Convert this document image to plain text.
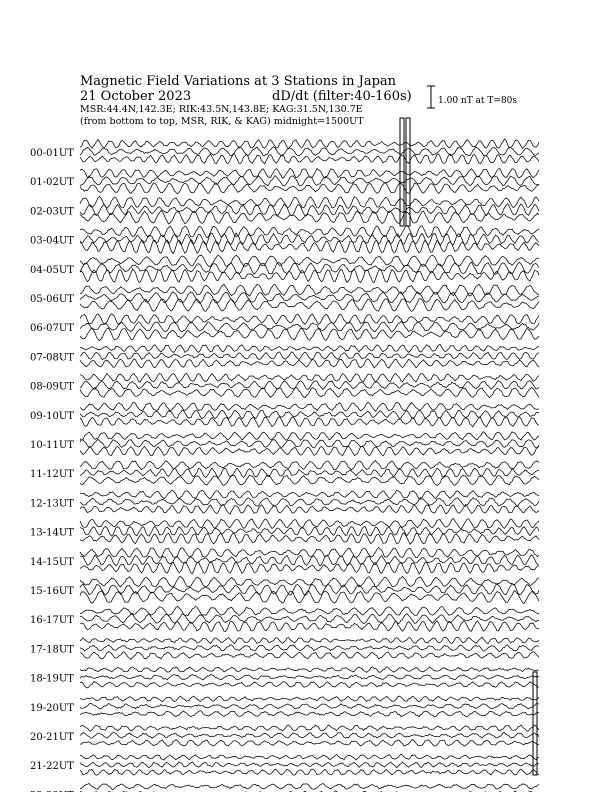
Magnetic Field Variations at 3 Stations in Japan
21 October 2023	dD/dt (filter:40-160s)
MSR:44.4N,142.3E; RIK:43.5N,143.8E; KAG:31.5N,130.7E
(from bottom to top, MSR, RIK, & KAG) midnight=1500UT
1.00 nT at T=80s
00-01UT
01-02UT
02-03UT
03-04UT
04-05UT
05-06UT
06-07UT
07-08UT
08-09UT
09-10UT
10-11UT
11-12UT
12-13UT
13-14UT
14-15UT
15-16UT
16-17UT
17-18UT
18-19UT
19-20UT
20-21UT
21-22UT
